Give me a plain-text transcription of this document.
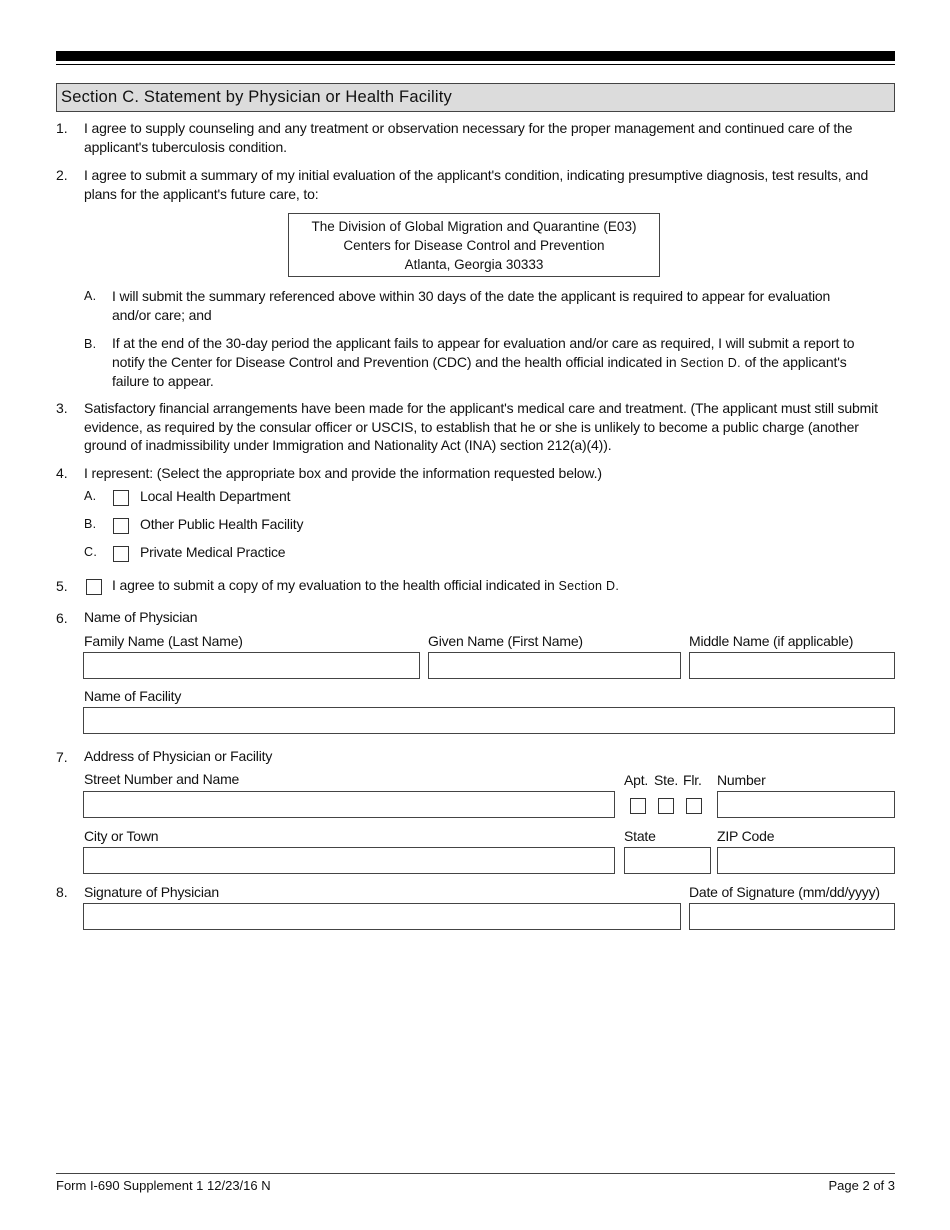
Section C. Statement by Physician or Health Facility
1. I agree to supply counseling and any treatment or observation necessary for the proper management and continued care of the applicant's tuberculosis condition.
2. I agree to submit a summary of my initial evaluation of the applicant's condition, indicating presumptive diagnosis, test results, and plans for the applicant's future care, to:
The Division of Global Migration and Quarantine (E03)
Centers for Disease Control and Prevention
Atlanta, Georgia 30333
A. I will submit the summary referenced above within 30 days of the date the applicant is required to appear for evaluation and/or care; and
B. If at the end of the 30-day period the applicant fails to appear for evaluation and/or care as required, I will submit a report to notify the Center for Disease Control and Prevention (CDC) and the health official indicated in Section D. of the applicant's failure to appear.
3. Satisfactory financial arrangements have been made for the applicant's medical care and treatment. (The applicant must still submit evidence, as required by the consular officer or USCIS, to establish that he or she is unlikely to become a public charge (another ground of inadmissibility under Immigration and Nationality Act (INA) section 212(a)(4)).
4. I represent: (Select the appropriate box and provide the information requested below.)
A.	Local Health Department
B.	Other Public Health Facility
C.	Private Medical Practice
5.	I agree to submit a copy of my evaluation to the health official indicated in Section D.
6. Name of Physician
Family Name (Last Name)	Given Name (First Name)	Middle Name (if applicable)
Name of Facility
7. Address of Physician or Facility
Street Number and Name	Apt. Ste. Flr. Number
City or Town	State	ZIP Code
8. Signature of Physician	Date of Signature (mm/dd/yyyy)
Form I-690 Supplement 1 12/23/16 N	Page 2 of 3
